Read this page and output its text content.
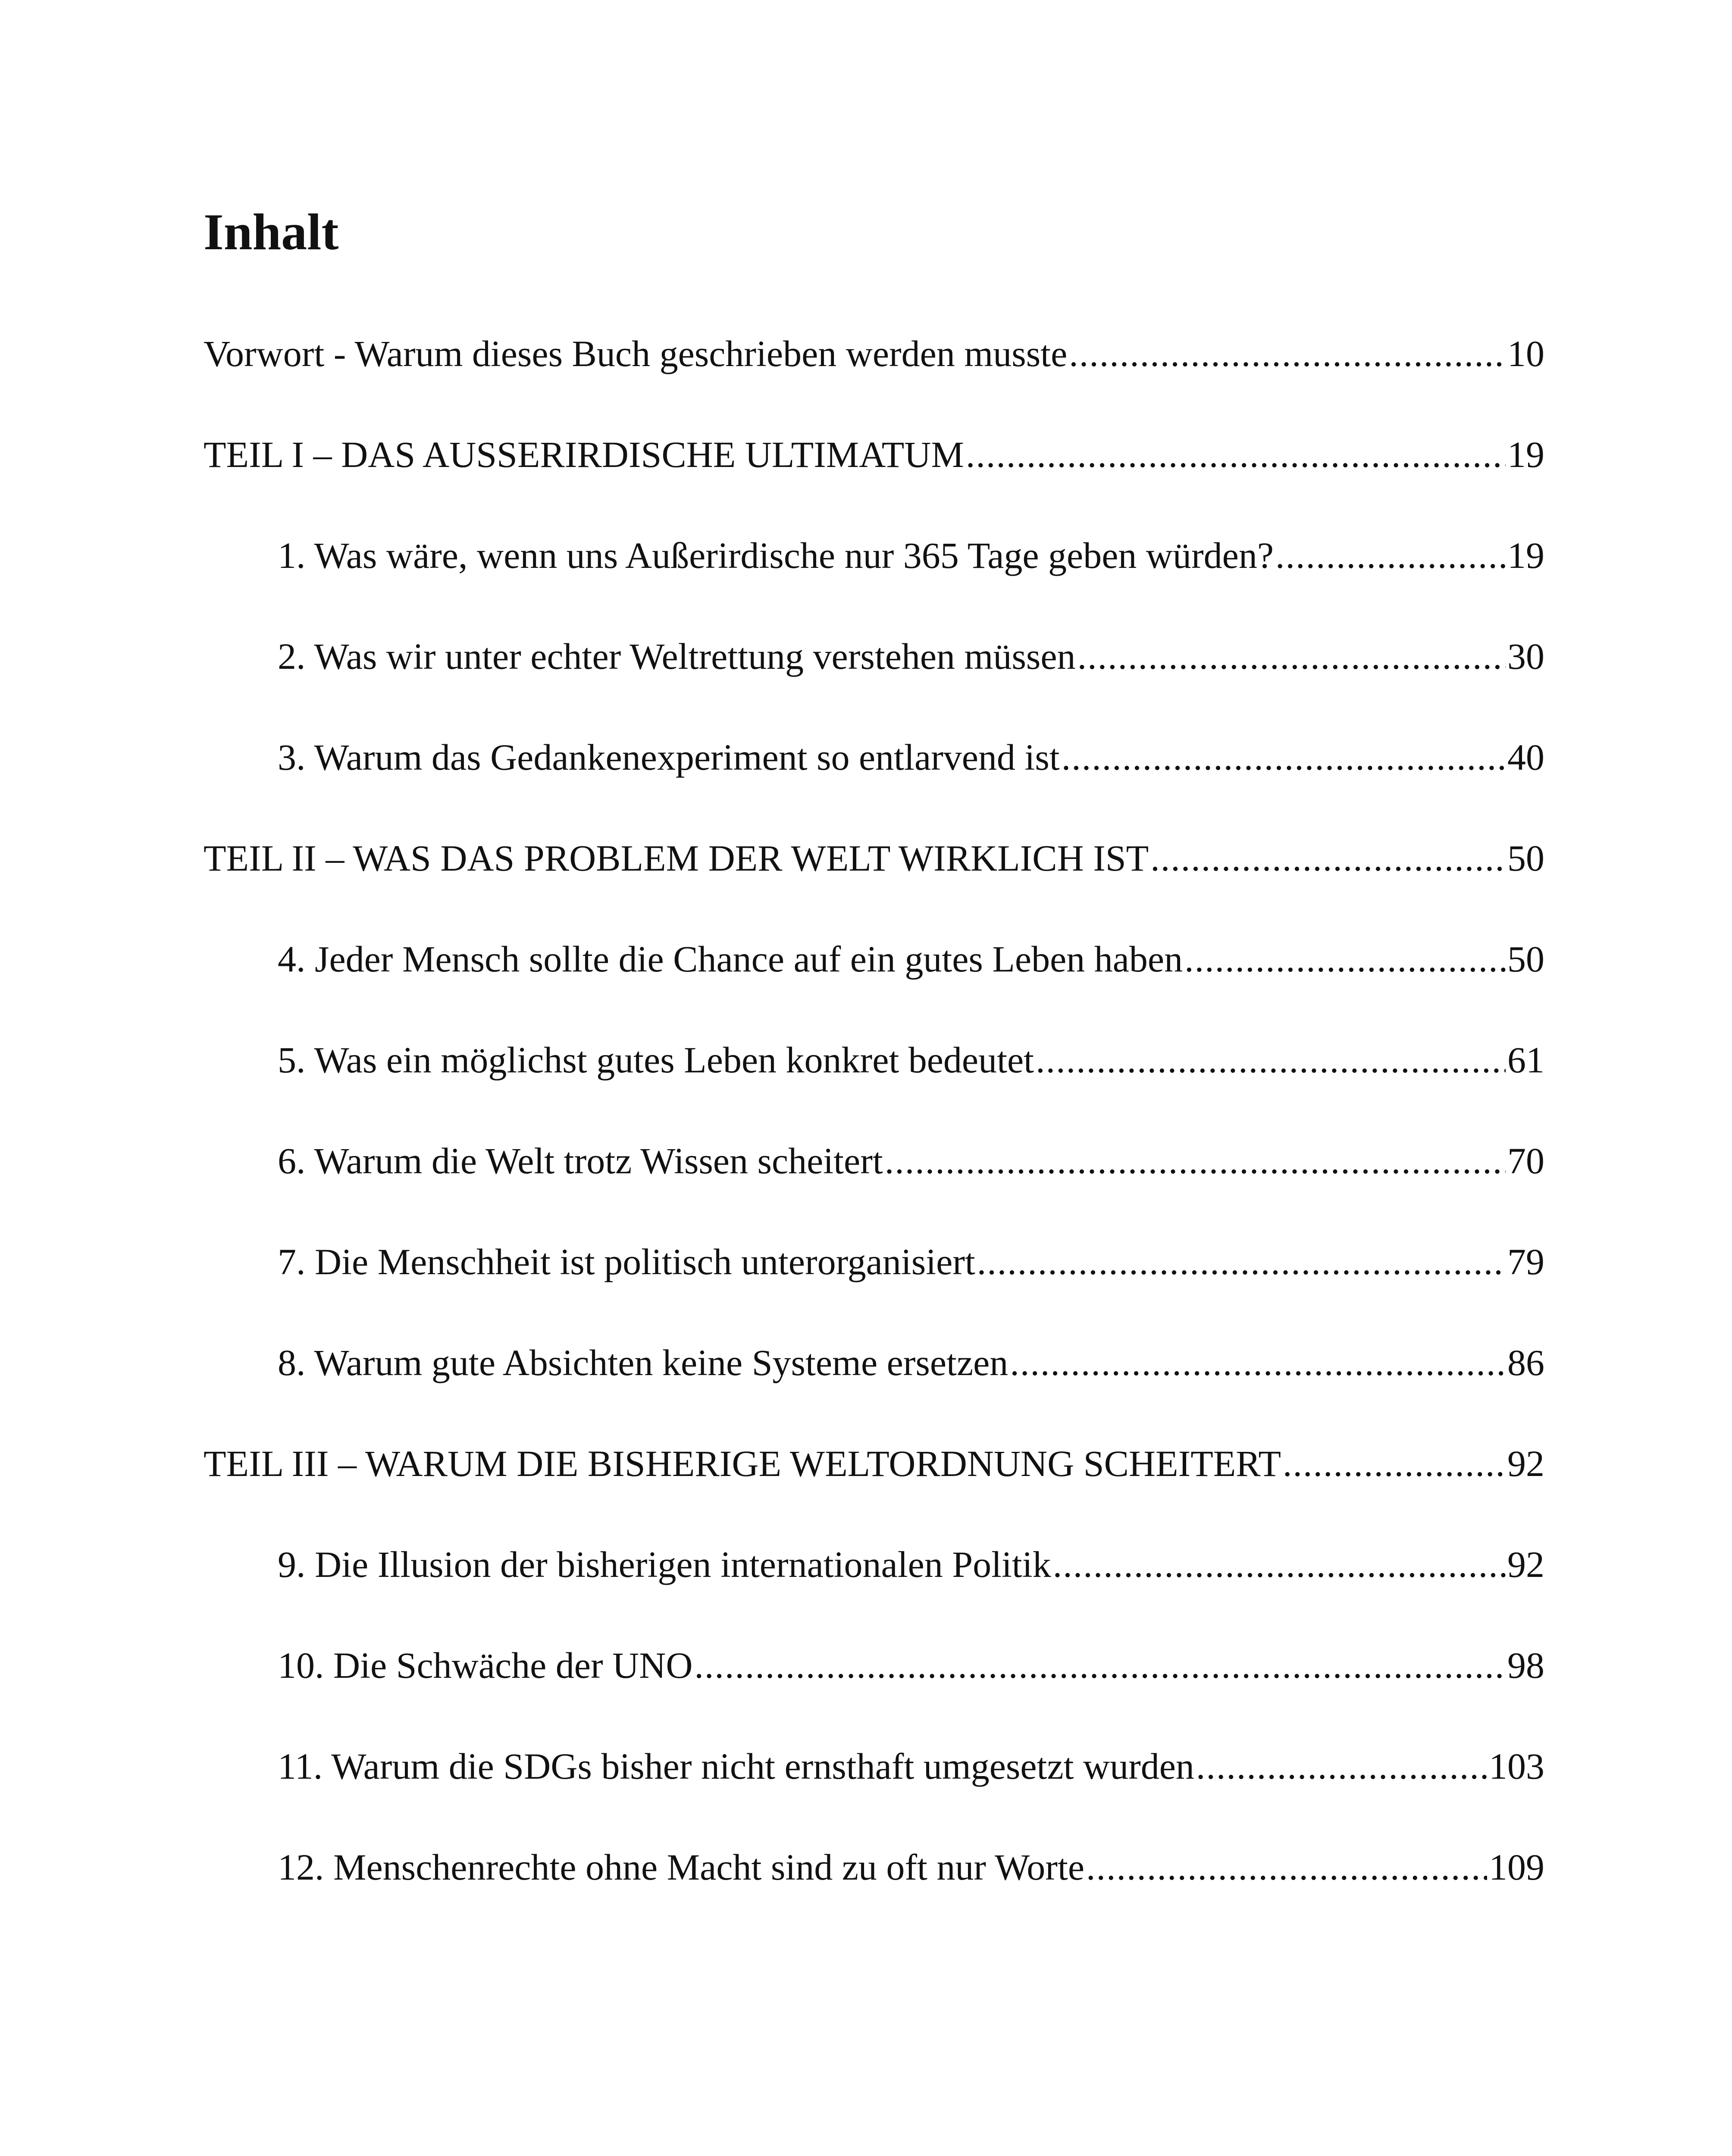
Inhalt
Vorwort - Warum dieses Buch geschrieben werden musste .....	10
TEIL I – DAS AUSSERIRDISCHE ULTIMATUM .....	19
1. Was wäre, wenn uns Außerirdische nur 365 Tage geben würden? .....	19
2. Was wir unter echter Weltrettung verstehen müssen .....	30
3. Warum das Gedankenexperiment so entlarvend ist .....	40
TEIL II – WAS DAS PROBLEM DER WELT WIRKLICH IST .....	50
4. Jeder Mensch sollte die Chance auf ein gutes Leben haben .....	50
5. Was ein möglichst gutes Leben konkret bedeutet .....	61
6. Warum die Welt trotz Wissen scheitert .....	70
7. Die Menschheit ist politisch unterorganisiert .....	79
8. Warum gute Absichten keine Systeme ersetzen .....	86
TEIL III – WARUM DIE BISHERIGE WELTORDNUNG SCHEITERT .....	92
9. Die Illusion der bisherigen internationalen Politik .....	92
10. Die Schwäche der UNO .....	98
11. Warum die SDGs bisher nicht ernsthaft umgesetzt wurden .....	103
12. Menschenrechte ohne Macht sind zu oft nur Worte .....	109
